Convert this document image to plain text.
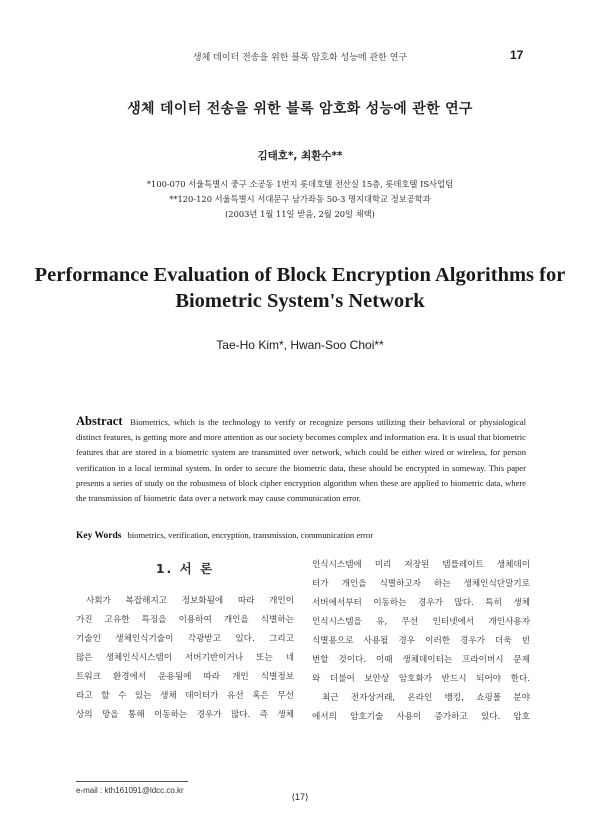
생체 데이터 전송을 위한 블록 암호화 성능에 관한 연구	17
생체 데이터 전송을 위한 블록 암호화 성능에 관한 연구
김태호*, 최환수**
*100-070 서울특별시 중구 소공동 1번지 롯데호텔 전산실 15층, 롯데호텔 IS사업팀
**120-120 서울특별시 서대문구 남가좌동 50-3 명지대학교 정보공학과
(2003년 1월 11일 받음, 2월 20일 채택)
Performance Evaluation of Block Encryption Algorithms for
Biometric System's Network
Tae-Ho Kim*, Hwan-Soo Choi**
Abstract Biometrics, which is the technology to verify or recognize persons utilizing their behavioral or physiological distinct features, is getting more and more attention as our society becomes complex and information era. It is usual that biometric features that are stored in a biometric system are transmitted over network, which could be either wired or wireless, for person verification in a local terminal system. In order to secure the biometric data, these should be encrypted in someway. This paper presents a series of study on the robustness of block cipher encryption algorithm when these are applied to biometric data, where the transmission of biometric data over a network may cause communication error.
Key Words biometrics, verification, encryption, transmission, communication error
1. 서 론
사회가 복잡해지고 정보화됨에 따라 개인이
가진 고유한 특징을 이용하여 개인을 식별하는
기술인 생체인식기술이 각광받고 있다. 그리고
많은 생체인식시스템이 서버기반이거나 또는 네
트워크 환경에서 운용됨에 따라 개인 식별정보
라고 할 수 있는 생체 데이터가 유선 혹은 무선
상의 망을 통해 이동하는 경우가 많다. 즉 생체
인식시스템에 미리 저장된 템플레이트 생체데이
터가 개인을 식별하고자 하는 생체인식단말기로
서버에서부터 이동하는 경우가 많다. 특히 생체
인식시스템을 유, 무선 인터넷에서 개인사용자
식별용으로 사용될 경우 이러한 경우가 더욱 빈
번할 것이다. 이때 생체데이터는 프라이버시 문제
와 더불어 보안상 암호화가 반드시 되어야 한다.
최근 전자상거래, 온라인 뱅킹, 쇼핑몰 분야
에서의 암호기술 사용이 증가하고 있다. 암호
e-mail : kth161091@ldcc.co.kr
⟨17⟩
